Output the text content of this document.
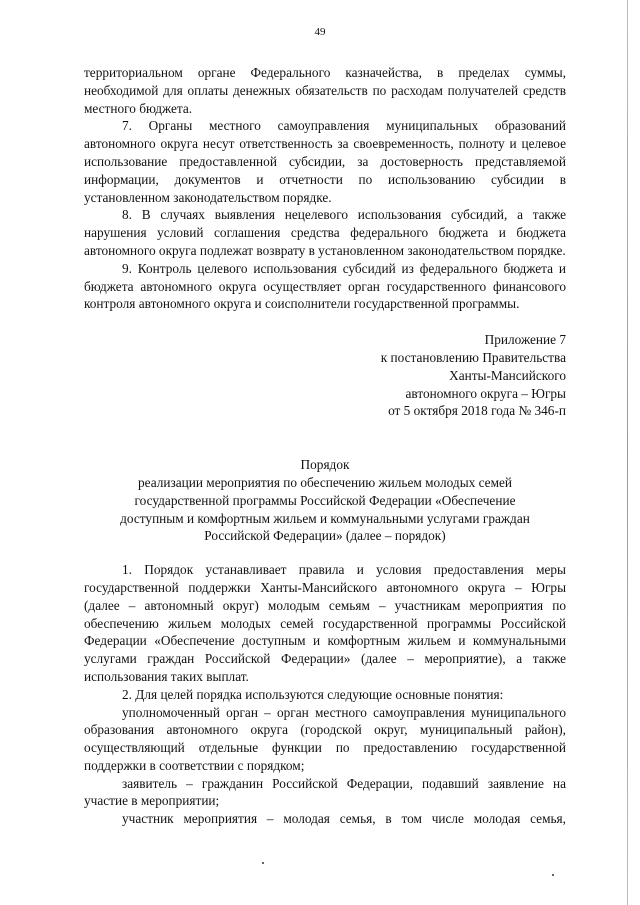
49

территориальном органе Федерального казначейства, в пределах суммы, необходимой для оплаты денежных обязательств по расходам получателей средств местного бюджета.

7. Органы местного самоуправления муниципальных образований автономного округа несут ответственность за своевременность, полноту и целевое использование предоставленной субсидии, за достоверность представляемой информации, документов и отчетности по использованию субсидии в установленном законодательством порядке.

8. В случаях выявления нецелевого использования субсидий, а также нарушения условий соглашения средства федерального бюджета и бюджета автономного округа подлежат возврату в установленном законодательством порядке.

9. Контроль целевого использования субсидий из федерального бюджета и бюджета автономного округа осуществляет орган государственного финансового контроля автономного округа и соисполнители государственной программы.

Приложение 7
к постановлению Правительства
Ханты-Мансийского
автономного округа – Югры
от 5 октября 2018 года № 346-п
Порядок
реализации мероприятия по обеспечению жильем молодых семей
государственной программы Российской Федерации «Обеспечение
доступным и комфортным жильем и коммунальными услугами граждан
Российской Федерации» (далее – порядок)

1. Порядок устанавливает правила и условия предоставления меры государственной поддержки Ханты-Мансийского автономного округа – Югры (далее – автономный округ) молодым семьям – участникам мероприятия по обеспечению жильем молодых семей государственной программы Российской Федерации «Обеспечение доступным и комфортным жильем и коммунальными услугами граждан Российской Федерации» (далее – мероприятие), а также использования таких выплат.

2. Для целей порядка используются следующие основные понятия:

уполномоченный орган – орган местного самоуправления муниципального образования автономного округа (городской округ, муниципальный район), осуществляющий отдельные функции по предоставлению государственной поддержки в соответствии с порядком;

заявитель – гражданин Российской Федерации, подавший заявление на участие в мероприятии;

участник мероприятия – молодая семья, в том числе молодая семья,
